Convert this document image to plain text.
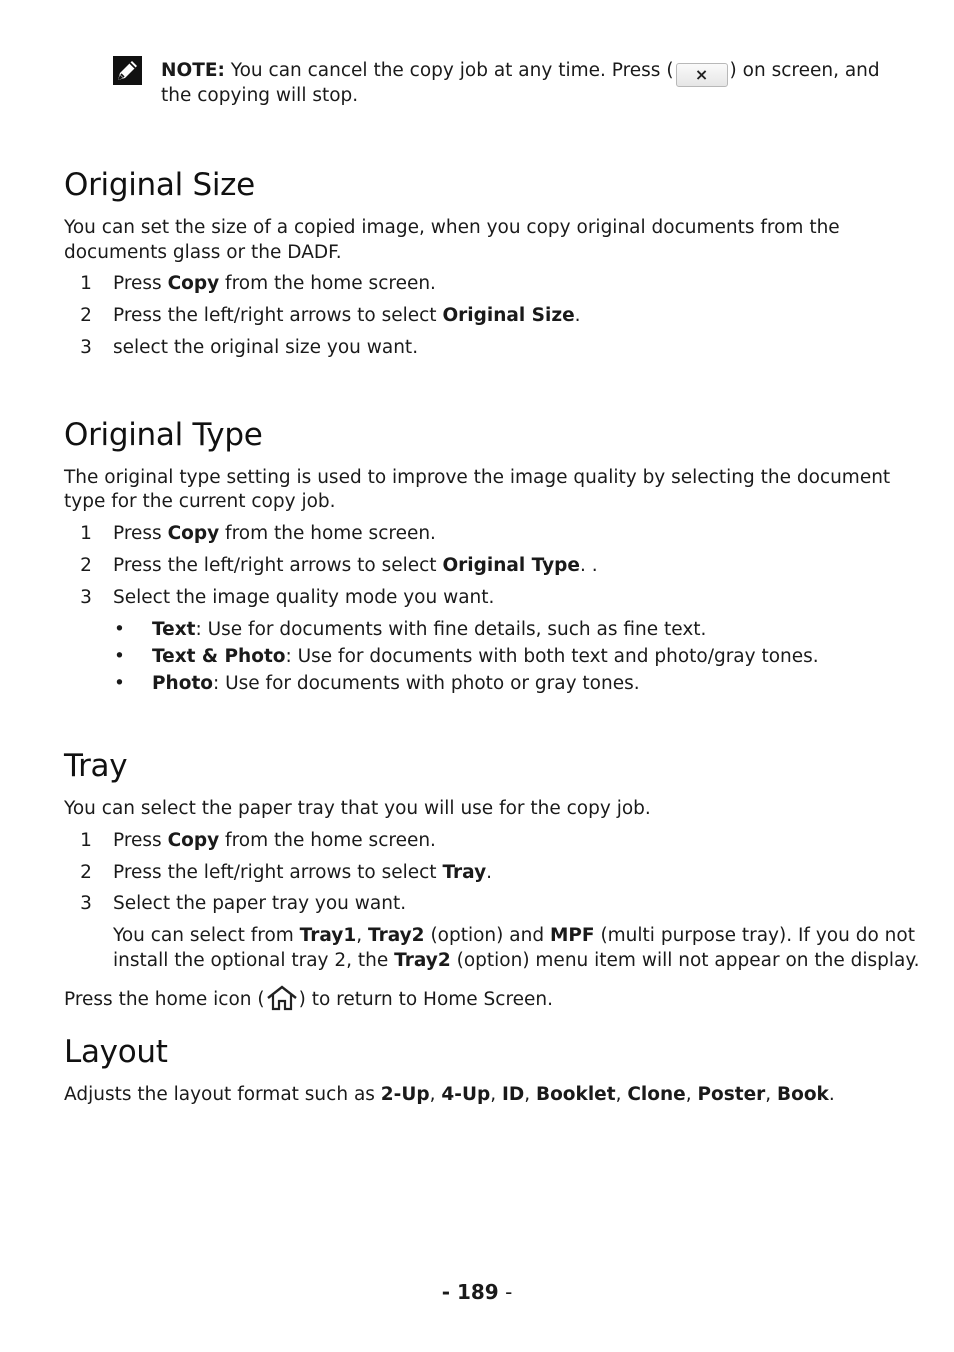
NOTE: You can cancel the copy job at any time. Press ( × ) on screen, and
the copying will stop.
Original Size
You can set the size of a copied image, when you copy original documents from the
documents glass or the DADF.
1 Press Copy from the home screen.
2 Press the left/right arrows to select Original Size.
3 select the original size you want.
Original Type
The original type setting is used to improve the image quality by selecting the document
type for the current copy job.
1 Press Copy from the home screen.
2 Press the left/right arrows to select Original Type. .
3 Select the image quality mode you want.
• Text: Use for documents with fine details, such as fine text.
• Text & Photo: Use for documents with both text and photo/gray tones.
• Photo: Use for documents with photo or gray tones.
Tray
You can select the paper tray that you will use for the copy job.
1 Press Copy from the home screen.
2 Press the left/right arrows to select Tray.
3 Select the paper tray you want.
You can select from Tray1, Tray2 (option) and MPF (multi purpose tray). If you do not
install the optional tray 2, the Tray2 (option) menu item will not appear on the display.
Press the home icon ( ) to return to Home Screen.
Layout
Adjusts the layout format such as 2-Up, 4-Up, ID, Booklet, Clone, Poster, Book.
- 189 -
